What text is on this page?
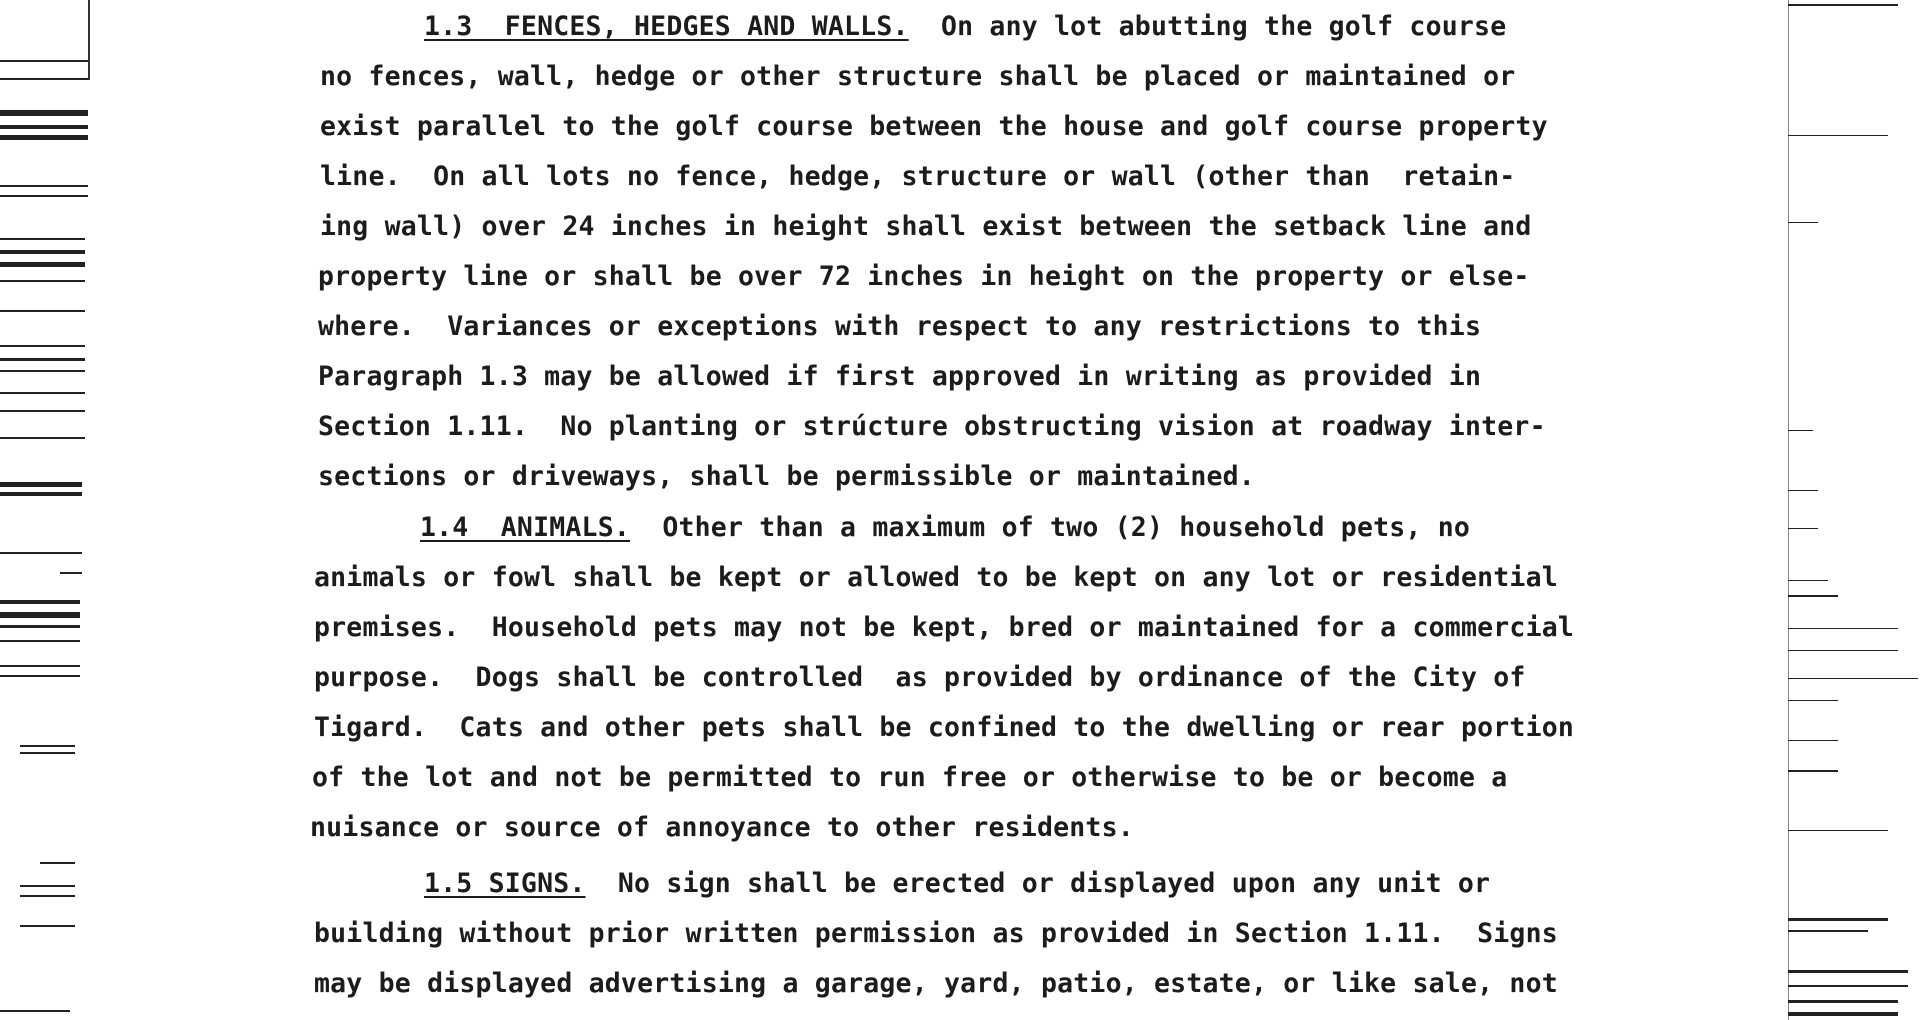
1.3  FENCES, HEDGES AND WALLS.  On any lot abutting the golf course
no fences, wall, hedge or other structure shall be placed or maintained or
exist parallel to the golf course between the house and golf course property
line.  On all lots no fence, hedge, structure or wall (other than  retain-
ing wall) over 24 inches in height shall exist between the setback line and
property line or shall be over 72 inches in height on the property or else-
where.  Variances or exceptions with respect to any restrictions to this
Paragraph 1.3 may be allowed if first approved in writing as provided in
Section 1.11.  No planting or strúcture obstructing vision at roadway inter-
sections or driveways, shall be permissible or maintained.
1.4  ANIMALS.  Other than a maximum of two (2) household pets, no
animals or fowl shall be kept or allowed to be kept on any lot or residential
premises.  Household pets may not be kept, bred or maintained for a commercial
purpose.  Dogs shall be controlled  as provided by ordinance of the City of
Tigard.  Cats and other pets shall be confined to the dwelling or rear portion
of the lot and not be permitted to run free or otherwise to be or become a
nuisance or source of annoyance to other residents.
1.5 SIGNS.  No sign shall be erected or displayed upon any unit or
building without prior written permission as provided in Section 1.11.  Signs
may be displayed advertising a garage, yard, patio, estate, or like sale, not
